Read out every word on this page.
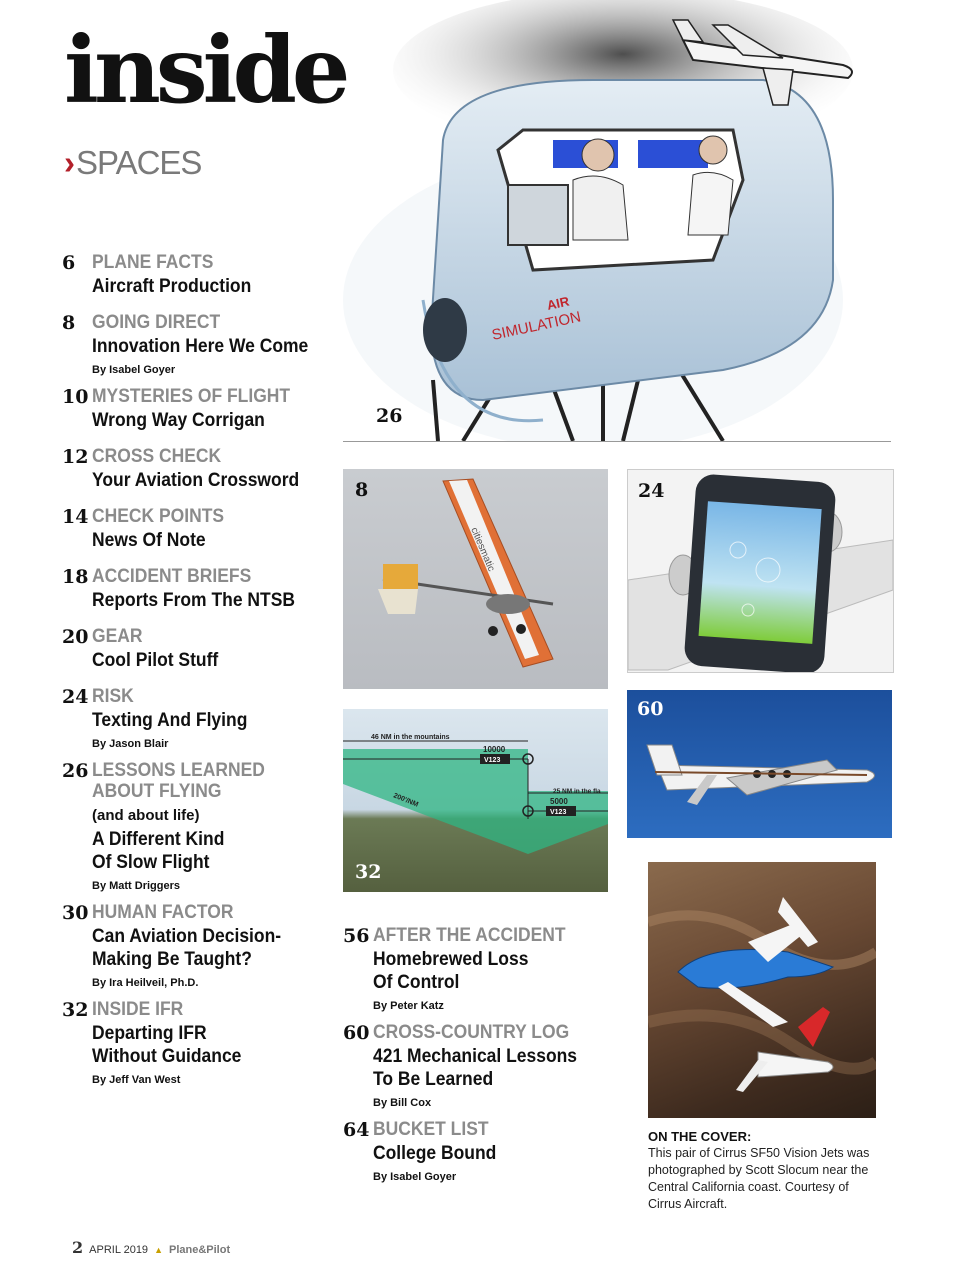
inside
›SPACES
6 PLANE FACTS
Aircraft Production
8 GOING DIRECT
Innovation Here We Come
By Isabel Goyer
10 MYSTERIES OF FLIGHT
Wrong Way Corrigan
12 CROSS CHECK
Your Aviation Crossword
14 CHECK POINTS
News Of Note
18 ACCIDENT BRIEFS
Reports From The NTSB
20 GEAR
Cool Pilot Stuff
24 RISK
Texting And Flying
By Jason Blair
26 LESSONS LEARNED
ABOUT FLYING
(and about life)
A Different Kind
Of Slow Flight
By Matt Driggers
30 HUMAN FACTOR
Can Aviation Decision-
Making Be Taught?
By Ira Heilveil, Ph.D.
32 INSIDE IFR
Departing IFR
Without Guidance
By Jeff Van West
56 AFTER THE ACCIDENT
Homebrewed Loss
Of Control
By Peter Katz
60 CROSS-COUNTRY LOG
421 Mechanical Lessons
To Be Learned
By Bill Cox
64 BUCKET LIST
College Bound
By Isabel Goyer
AIR
SIMULATION
26
citiesmatic
8	24
46 NM in the mountains
10000
V123
25 NM in the fla
5000
V123
200'/NM
32
60
ON THE COVER:
This pair of Cirrus SF50 Vision Jets was photographed by Scott Slocum near the Central California coast. Courtesy of Cirrus Aircraft.
2 APRIL 2019 ▲ Plane&Pilot
